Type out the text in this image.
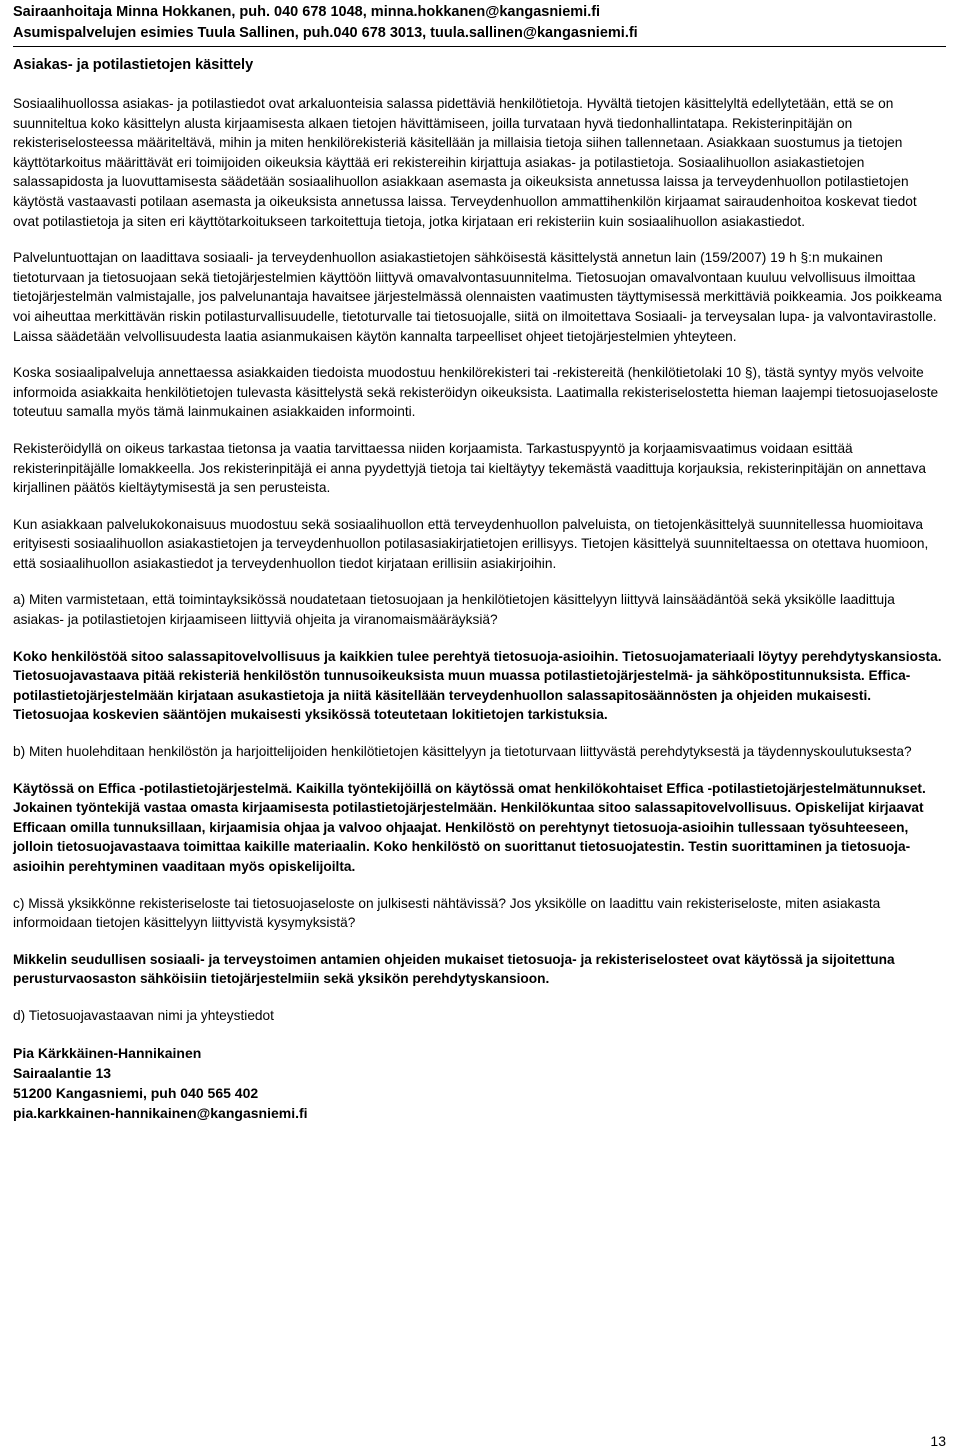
Sairaanhoitaja Minna Hokkanen, puh. 040 678 1048, minna.hokkanen@kangasniemi.fi
Asumispalvelujen esimies Tuula Sallinen, puh.040 678 3013, tuula.sallinen@kangasniemi.fi
Asiakas- ja potilastietojen käsittely

Sosiaalihuollossa asiakas- ja potilastiedot ovat arkaluonteisia salassa pidettäviä henkilötietoja. Hyvältä tietojen käsittelyltä edellytetään, että se on suunniteltua koko käsittelyn alusta kirjaamisesta alkaen tietojen hävittämiseen, joilla turvataan hyvä tiedonhallintatapa. Rekisterinpitäjän on rekisteriselosteessa määriteltävä, mihin ja miten henkilörekisteriä käsitellään ja millaisia tietoja siihen tallennetaan. Asiakkaan suostumus ja tietojen käyttötarkoitus määrittävät eri toimijoiden oikeuksia käyttää eri rekistereihin kirjattuja asiakas- ja potilastietoja. Sosiaalihuollon asiakastietojen salassapidosta ja luovuttamisesta säädetään sosiaalihuollon asiakkaan asemasta ja oikeuksista annetussa laissa ja terveydenhuollon potilastietojen käytöstä vastaavasti potilaan asemasta ja oikeuksista annetussa laissa. Terveydenhuollon ammattihenkilön kirjaamat sairaudenhoitoa koskevat tiedot ovat potilastietoja ja siten eri käyttötarkoitukseen tarkoitettuja tietoja, jotka kirjataan eri rekisteriin kuin sosiaalihuollon asiakastiedot.

Palveluntuottajan on laadittava sosiaali- ja terveydenhuollon asiakastietojen sähköisestä käsittelystä annetun lain (159/2007) 19 h §:n mukainen tietoturvaan ja tietosuojaan sekä tietojärjestelmien käyttöön liittyvä omavalvontasuunnitelma. Tietosuojan omavalvontaan kuuluu velvollisuus ilmoittaa tietojärjestelmän valmistajalle, jos palvelunantaja havaitsee järjestelmässä olennaisten vaatimusten täyttymisessä merkittäviä poikkeamia. Jos poikkeama voi aiheuttaa merkittävän riskin potilasturvallisuudelle, tietoturvalle tai tietosuojalle, siitä on ilmoitettava Sosiaali- ja terveysalan lupa- ja valvontavirastolle. Laissa säädetään velvollisuudesta laatia asianmukaisen käytön kannalta tarpeelliset ohjeet tietojärjestelmien yhteyteen.

Koska sosiaalipalveluja annettaessa asiakkaiden tiedoista muodostuu henkilörekisteri tai -rekistereitä (henkilötietolaki 10 §), tästä syntyy myös velvoite informoida asiakkaita henkilötietojen tulevasta käsittelystä sekä rekisteröidyn oikeuksista. Laatimalla rekisteriselostetta hieman laajempi tietosuojaseloste toteutuu samalla myös tämä lainmukainen asiakkaiden informointi.

Rekisteröidyllä on oikeus tarkastaa tietonsa ja vaatia tarvittaessa niiden korjaamista. Tarkastuspyyntö ja korjaamisvaatimus voidaan esittää rekisterinpitäjälle lomakkeella. Jos rekisterinpitäjä ei anna pyydettyjä tietoja tai kieltäytyy tekemästä vaadittuja korjauksia, rekisterinpitäjän on annettava kirjallinen päätös kieltäytymisestä ja sen perusteista.

Kun asiakkaan palvelukokonaisuus muodostuu sekä sosiaalihuollon että terveydenhuollon palveluista, on tietojenkäsittelyä suunnitellessa huomioitava erityisesti sosiaalihuollon asiakastietojen ja terveydenhuollon potilasasiakirjatietojen erillisyys. Tietojen käsittelyä suunniteltaessa on otettava huomioon, että sosiaalihuollon asiakastiedot ja terveydenhuollon tiedot kirjataan erillisiin asiakirjoihin.

a) Miten varmistetaan, että toimintayksikössä noudatetaan tietosuojaan ja henkilötietojen käsittelyyn liittyvä lainsäädäntöä sekä yksikölle laadittuja asiakas- ja potilastietojen kirjaamiseen liittyviä ohjeita ja viranomaismääräyksiä?

Koko henkilöstöä sitoo salassapitovelvollisuus ja kaikkien tulee perehtyä tietosuoja-asioihin. Tietosuojamateriaali löytyy perehdytyskansiosta. Tietosuojavastaava pitää rekisteriä henkilöstön tunnusoikeuksista muun muassa potilastietojärjestelmä- ja sähköpostitunnuksista. Effica-potilastietojärjestelmään kirjataan asukastietoja ja niitä käsitellään terveydenhuollon salassapitosäännösten ja ohjeiden mukaisesti. Tietosuojaa koskevien sääntöjen mukaisesti yksikössä toteutetaan lokitietojen tarkistuksia.

b) Miten huolehditaan henkilöstön ja harjoittelijoiden henkilötietojen käsittelyyn ja tietoturvaan liittyvästä perehdytyksestä ja täydennyskoulutuksesta?

Käytössä on Effica -potilastietojärjestelmä. Kaikilla työntekijöillä on käytössä omat henkilökohtaiset Effica -potilastietojärjestelmätunnukset. Jokainen työntekijä vastaa omasta kirjaamisesta potilastietojärjestelmään. Henkilökuntaa sitoo salassapitovelvollisuus. Opiskelijat kirjaavat Efficaan omilla tunnuksillaan, kirjaamisia ohjaa ja valvoo ohjaajat. Henkilöstö on perehtynyt tietosuoja-asioihin tullessaan työsuhteeseen, jolloin tietosuojavastaava toimittaa kaikille materiaalin. Koko henkilöstö on suorittanut tietosuojatestin. Testin suorittaminen ja tietosuoja-asioihin perehtyminen vaaditaan myös opiskelijoilta.

c) Missä yksikkönne rekisteriseloste tai tietosuojaseloste on julkisesti nähtävissä? Jos yksikölle on laadittu vain rekisteriseloste, miten asiakasta informoidaan tietojen käsittelyyn liittyvistä kysymyksistä?

Mikkelin seudullisen sosiaali- ja terveystoimen antamien ohjeiden mukaiset tietosuoja- ja rekisteriselosteet ovat käytössä ja sijoitettuna perusturvaosaston sähköisiin tietojärjestelmiin sekä yksikön perehdytyskansioon.

d) Tietosuojavastaavan nimi ja yhteystiedot

Pia Kärkkäinen-Hannikainen

Sairaalantie 13

51200 Kangasniemi, puh 040 565 402

pia.karkkainen-hannikainen@kangasniemi.fi

13
